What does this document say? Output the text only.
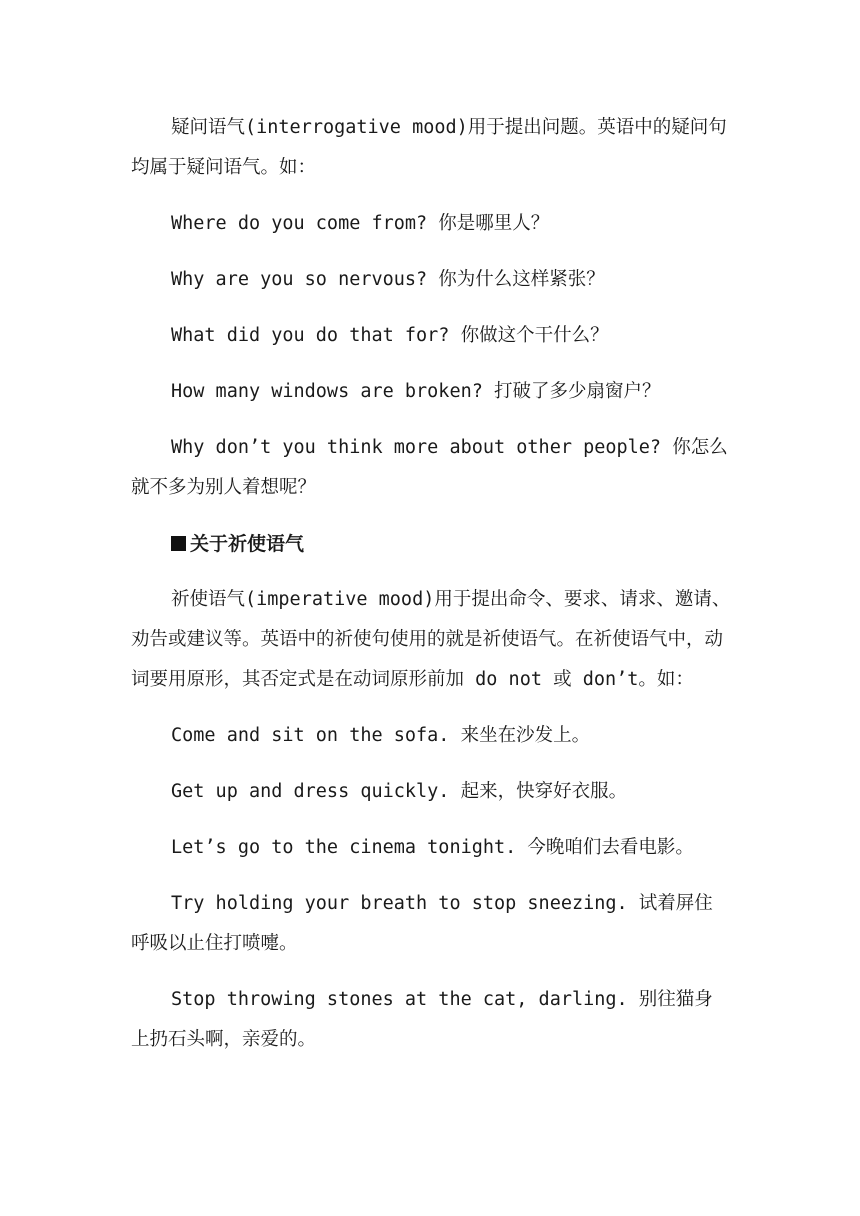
疑问语气(interrogative mood)用于提出问题。英语中的疑问句均属于疑问语气。如：

Where do you come from? 你是哪里人？

Why are you so nervous? 你为什么这样紧张？

What did you do that for? 你做这个干什么？

How many windows are broken? 打破了多少扇窗户？

Why don’t you think more about other people? 你怎么就不多为别人着想呢？

关于祈使语气

祈使语气(imperative mood)用于提出命令、要求、请求、邀请、劝告或建议等。英语中的祈使句使用的就是祈使语气。在祈使语气中，动词要用原形，其否定式是在动词原形前加 do not 或 don’t。如：

Come and sit on the sofa. 来坐在沙发上。

Get up and dress quickly. 起来，快穿好衣服。

Let’s go to the cinema tonight. 今晚咱们去看电影。

Try holding your breath to stop sneezing. 试着屏住呼吸以止住打喷嚏。

Stop throwing stones at the cat, darling. 别往猫身上扔石头啊，亲爱的。
